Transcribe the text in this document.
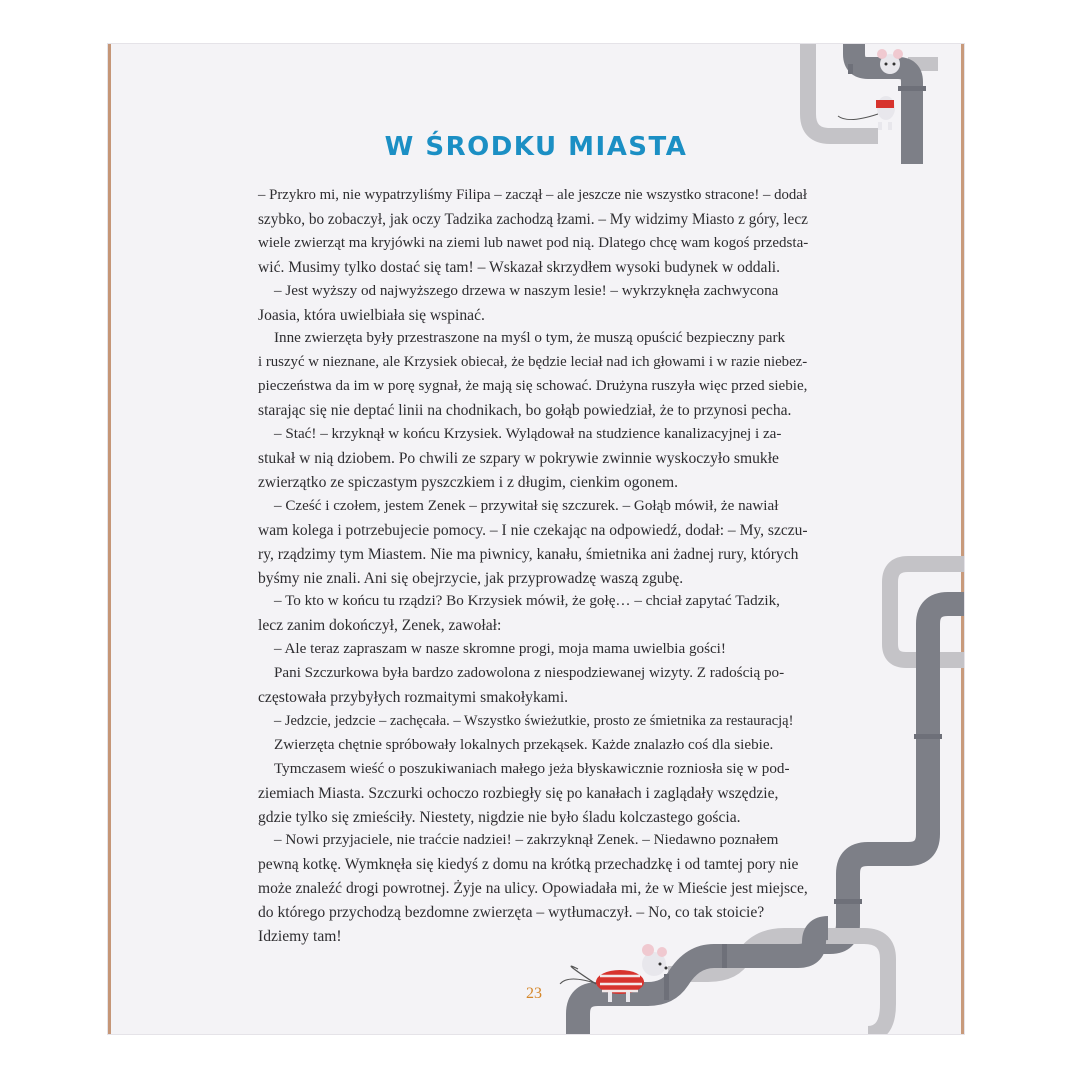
W ŚRODKU MIASTA

– Przykro mi, nie wypatrzyliśmy Filipa – zaczął – ale jeszcze nie wszystko stracone! – dodał

szybko, bo zobaczył, jak oczy Tadzika zachodzą łzami. – My widzimy Miasto z góry, lecz

wiele zwierząt ma kryjówki na ziemi lub nawet pod nią. Dlatego chcę wam kogoś przedsta-

wić. Musimy tylko dostać się tam! – Wskazał skrzydłem wysoki budynek w oddali.

– Jest wyższy od najwyższego drzewa w naszym lesie! – wykrzyknęła zachwycona

Joasia, która uwielbiała się wspinać.

Inne zwierzęta były przestraszone na myśl o tym, że muszą opuścić bezpieczny park

i ruszyć w nieznane, ale Krzysiek obiecał, że będzie leciał nad ich głowami i w razie niebez-

pieczeństwa da im w porę sygnał, że mają się schować. Drużyna ruszyła więc przed siebie,

starając się nie deptać linii na chodnikach, bo gołąb powiedział, że to przynosi pecha.

– Stać! – krzyknął w końcu Krzysiek. Wylądował na studzience kanalizacyjnej i za-

stukał w nią dziobem. Po chwili ze szpary w pokrywie zwinnie wyskoczyło smukłe

zwierzątko ze spiczastym pyszczkiem i z długim, cienkim ogonem.

– Cześć i czołem, jestem Zenek – przywitał się szczurek. – Gołąb mówił, że nawiał

wam kolega i potrzebujecie pomocy. – I nie czekając na odpowiedź, dodał: – My, szczu-

ry, rządzimy tym Miastem. Nie ma piwnicy, kanału, śmietnika ani żadnej rury, których

byśmy nie znali. Ani się obejrzycie, jak przyprowadzę waszą zgubę.

– To kto w końcu tu rządzi? Bo Krzysiek mówił, że gołę… – chciał zapytać Tadzik,

lecz zanim dokończył, Zenek, zawołał:

– Ale teraz zapraszam w nasze skromne progi, moja mama uwielbia gości!

Pani Szczurkowa była bardzo zadowolona z niespodziewanej wizyty. Z radością po-

częstowała przybyłych rozmaitymi smakołykami.

– Jedzcie, jedzcie – zachęcała. – Wszystko świeżutkie, prosto ze śmietnika za restauracją!

Zwierzęta chętnie spróbowały lokalnych przekąsek. Każde znalazło coś dla siebie.

Tymczasem wieść o poszukiwaniach małego jeża błyskawicznie rozniosła się w pod-

ziemiach Miasta. Szczurki ochoczo rozbiegły się po kanałach i zaglądały wszędzie,

gdzie tylko się zmieściły. Niestety, nigdzie nie było śladu kolczastego gościa.

– Nowi przyjaciele, nie traćcie nadziei! – zakrzyknął Zenek. – Niedawno poznałem

pewną kotkę. Wymknęła się kiedyś z domu na krótką przechadzkę i od tamtej pory nie

może znaleźć drogi powrotnej. Żyje na ulicy. Opowiadała mi, że w Mieście jest miejsce,

do którego przychodzą bezdomne zwierzęta – wytłumaczył. – No, co tak stoicie?

Idziemy tam!

23
